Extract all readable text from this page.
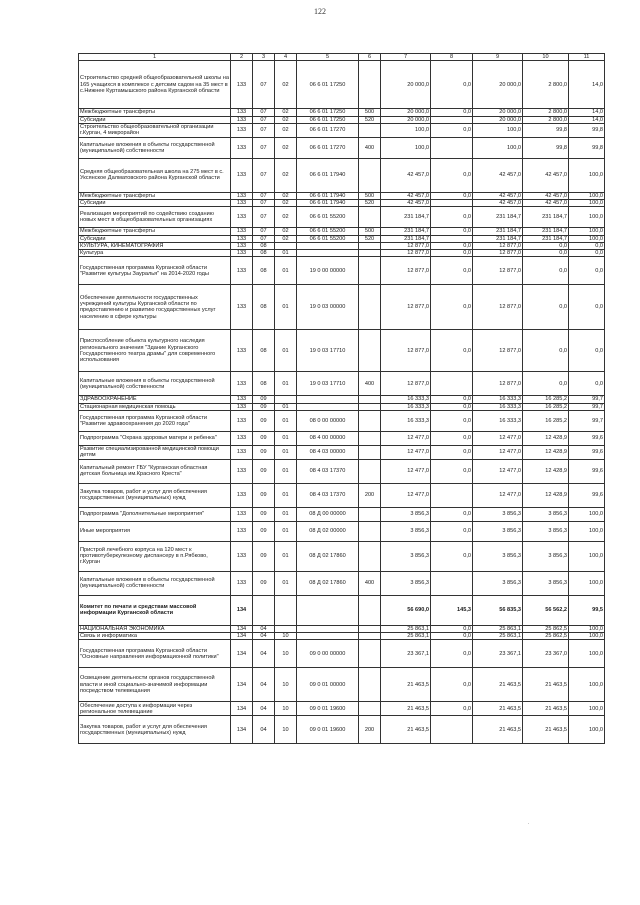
122
1	2	3	4	5	6	7	8	9	10	11
Строительство средней общеобразовательной школы на 165 учащихся в комплексе с детским садом на 35 мест в с.Нижнее Куртамышского района Курганской области	133	07	02	06 6 01 17250		20 000,0	0,0	20 000,0	2 800,0	14,0
Межбюджетные трансферты	133	07	02	06 6 01 17250	500	20 000,0	0,0	20 000,0	2 800,0	14,0
Субсидии	133	07	02	06 6 01 17250	520	20 000,0		20 000,0	2 800,0	14,0
Строительство общеобразовательной организации г.Курган, 4 микрорайон	133	07	02	06 6 01 17270		100,0	0,0	100,0	99,8	99,8
Капитальные вложения в объекты государственной (муниципальной) собственности	133	07	02	06 6 01 17270	400	100,0		100,0	99,8	99,8
Средняя общеобразовательная школа на 275 мест в с. Уксянское Далматовского района Курганской области	133	07	02	06 6 01 17940		42 457,0	0,0	42 457,0	42 457,0	100,0
Межбюджетные трансферты	133	07	02	06 6 01 17940	500	42 457,0	0,0	42 457,0	42 457,0	100,0
Субсидии	133	07	02	06 6 01 17940	520	42 457,0		42 457,0	42 457,0	100,0
Реализация мероприятий по содействию созданию новых мест в общеобразовательных организациях	133	07	02	06 6 01 55200		231 184,7	0,0	231 184,7	231 184,7	100,0
Межбюджетные трансферты	133	07	02	06 6 01 55200	500	231 184,7	0,0	231 184,7	231 184,7	100,0
Субсидии	133	07	02	06 6 01 55200	520	231 184,7		231 184,7	231 184,7	100,0
КУЛЬТУРА, КИНЕМАТОГРАФИЯ	133	08				12 877,0	0,0	12 877,0	0,0	0,0
Культура	133	08	01			12 877,0	0,0	12 877,0	0,0	0,0
Государственная программа Курганской области "Развитие культуры Зауралья" на 2014-2020 годы	133	08	01	19 0 00 00000		12 877,0	0,0	12 877,0	0,0	0,0
Обеспечение деятельности государственных учреждений культуры Курганской области по предоставлению и развитию государственных услуг населению в сфере культуры	133	08	01	19 0 03 00000		12 877,0	0,0	12 877,0	0,0	0,0
Приспособление объекта культурного наследия регионального значения "Здание Курганского Государственного театра драмы" для современного использования	133	08	01	19 0 03 17710		12 877,0	0,0	12 877,0	0,0	0,0
Капитальные вложения в объекты государственной (муниципальной) собственности	133	08	01	19 0 03 17710	400	12 877,0		12 877,0	0,0	0,0
ЗДРАВООХРАНЕНИЕ	133	09				16 333,3	0,0	16 333,3	16 285,2	99,7
Стационарная медицинская помощь	133	09	01			16 333,3	0,0	16 333,3	16 285,2	99,7
Государственная программа Курганской области "Развитие здравоохранения до 2020 года"	133	09	01	08 0 00 00000		16 333,3	0,0	16 333,3	16 285,2	99,7
Подпрограмма "Охрана здоровья матери и ребенка"	133	09	01	08 4 00 00000		12 477,0	0,0	12 477,0	12 428,9	99,6
Развитие специализированной медицинской помощи детям	133	09	01	08 4 03 00000		12 477,0	0,0	12 477,0	12 428,9	99,6
Капитальный ремонт ГБУ "Курганская областная детская больница им.Красного Креста"	133	09	01	08 4 03 17370		12 477,0	0,0	12 477,0	12 428,9	99,6
Закупка товаров, работ и услуг для обеспечения государственных (муниципальных) нужд	133	09	01	08 4 03 17370	200	12 477,0		12 477,0	12 428,9	99,6
Подпрограмма "Дополнительные мероприятия"	133	09	01	08 Д 00 00000		3 856,3	0,0	3 856,3	3 856,3	100,0
Иные мероприятия	133	09	01	08 Д 02 00000		3 856,3	0,0	3 856,3	3 856,3	100,0
Пристрой лечебного корпуса на 120 мест к противотуберкулезному диспансеру в п.Рябково, г.Курган	133	09	01	08 Д 02 17860		3 856,3	0,0	3 856,3	3 856,3	100,0
Капитальные вложения в объекты государственной (муниципальной) собственности	133	09	01	08 Д 02 17860	400	3 856,3		3 856,3	3 856,3	100,0
Комитет по печати и средствам массовой информации Курганской области	134					56 690,0	145,3	56 835,3	56 562,2	99,5
НАЦИОНАЛЬНАЯ ЭКОНОМИКА	134	04				25 863,1	0,0	25 863,1	25 862,5	100,0
Связь и информатика	134	04	10			25 863,1	0,0	25 863,1	25 862,5	100,0
Государственная программа Курганской области "Основные направления информационной политики"	134	04	10	09 0 00 00000		23 367,1	0,0	23 367,1	23 367,0	100,0
Освещение деятельности органов государственной власти и иной социально-значимой информации посредством телевещания	134	04	10	09 0 01 00000		21 463,5	0,0	21 463,5	21 463,5	100,0
Обеспечение доступа к информации через региональное телевещание	134	04	10	09 0 01 19600		21 463,5	0,0	21 463,5	21 463,5	100,0
Закупка товаров, работ и услуг для обеспечения государственных (муниципальных) нужд	134	04	10	09 0 01 19600	200	21 463,5		21 463,5	21 463,5	100,0
.
